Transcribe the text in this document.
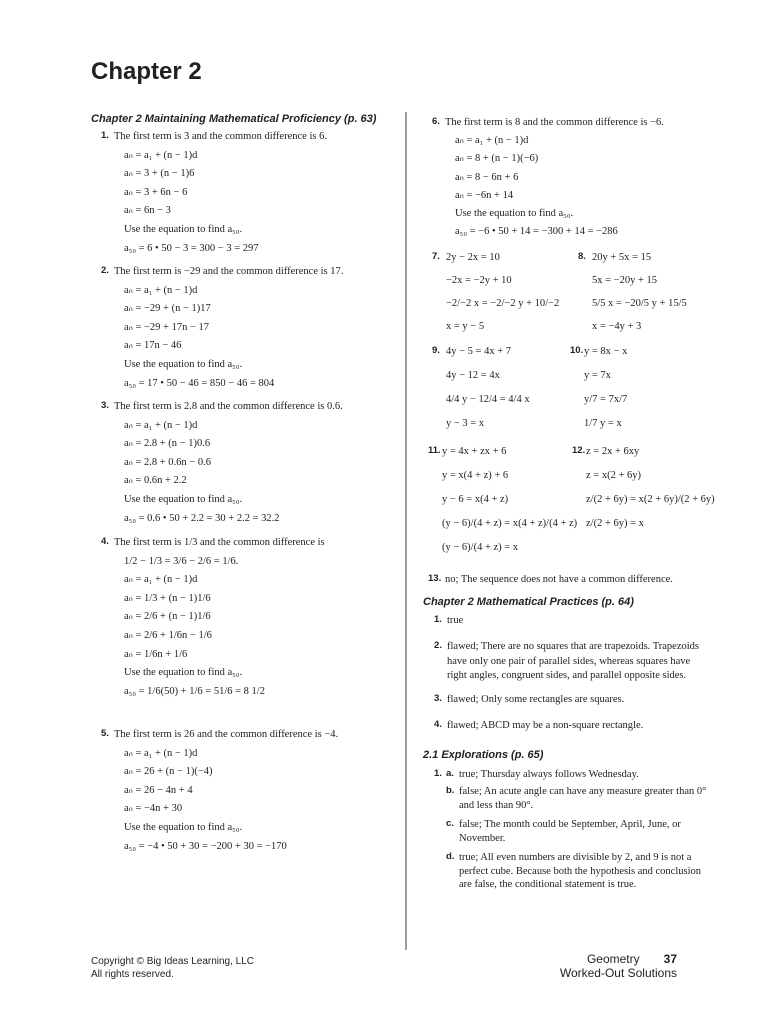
Chapter 2
Chapter 2 Maintaining Mathematical Proficiency (p. 63)
1. The first term is 3 and the common difference is 6.
aₙ = a₁ + (n − 1)d
aₙ = 3 + (n − 1)6
aₙ = 3 + 6n − 6
aₙ = 6n − 3
Use the equation to find a₅₀.
a₅₀ = 6 • 50 − 3 = 300 − 3 = 297
2. The first term is −29 and the common difference is 17.
aₙ = a₁ + (n − 1)d
aₙ = −29 + (n − 1)17
aₙ = −29 + 17n − 17
aₙ = 17n − 46
Use the equation to find a₅₀.
a₅₀ = 17 • 50 − 46 = 850 − 46 = 804
3. The first term is 2.8 and the common difference is 0.6.
aₙ = a₁ + (n − 1)d
aₙ = 2.8 + (n − 1)0.6
aₙ = 2.8 + 0.6n − 0.6
aₙ = 0.6n + 2.2
Use the equation to find a₅₀.
a₅₀ = 0.6 • 50 + 2.2 = 30 + 2.2 = 32.2
4. The first term is 1/3 and the common difference is
1/2 − 1/3 = 3/6 − 2/6 = 1/6.
aₙ = a₁ + (n − 1)d
aₙ = 1/3 + (n − 1)1/6
aₙ = 2/6 + (n − 1)1/6
aₙ = 2/6 + 1/6n − 1/6
aₙ = 1/6n + 1/6
Use the equation to find a₅₀.
a₅₀ = 1/6(50) + 1/6 = 51/6 = 8 1/2
5. The first term is 26 and the common difference is −4.
aₙ = a₁ + (n − 1)d
aₙ = 26 + (n − 1)(−4)
aₙ = 26 − 4n + 4
aₙ = −4n + 30
Use the equation to find a₅₀.
a₅₀ = −4 • 50 + 30 = −200 + 30 = −170
6. The first term is 8 and the common difference is −6.
aₙ = a₁ + (n − 1)d
aₙ = 8 + (n − 1)(−6)
aₙ = 8 − 6n + 6
aₙ = −6n + 14
Use the equation to find a₅₀.
a₅₀ = −6 • 50 + 14 = −300 + 14 = −286
7. 2y − 2x = 10
−2x = −2y + 10
−2/−2 x = −2/−2 y + 10/−2
x = y − 5
8. 20y + 5x = 15
5x = −20y + 15
5/5 x = −20/5 y + 15/5
x = −4y + 3
9. 4y − 5 = 4x + 7
4y − 12 = 4x
4/4 y − 12/4 = 4/4 x
y − 3 = x
10. y = 8x − x
y = 7x
y/7 = 7x/7
1/7 y = x
11. y = 4x + zx + 6
y = x(4 + z) + 6
y − 6 = x(4 + z)
(y − 6)/(4 + z) = x(4 + z)/(4 + z)
(y − 6)/(4 + z) = x
12. z = 2x + 6xy
z = x(2 + 6y)
z/(2 + 6y) = x(2 + 6y)/(2 + 6y)
z/(2 + 6y) = x
13. no; The sequence does not have a common difference.
1. true
2. flawed; There are no squares that are trapezoids. Trapezoids
have only one pair of parallel sides, whereas squares have
right angles, congruent sides, and parallel opposite sides.
3. flawed; Only some rectangles are squares.
4. flawed; ABCD may be a non-square rectangle.
1. a. true; Thursday always follows Wednesday.
b. false; An acute angle can have any measure greater than 0°
and less than 90°.
c. false; The month could be September, April, June, or
November.
d. true; All even numbers are divisible by 2, and 9 is not a
perfect cube. Because both the hypothesis and conclusion
are false, the conditional statement is true.
Chapter 2 Mathematical Practices (p. 64)
2.1 Explorations (p. 65)
Copyright © Big Ideas Learning, LLC
All rights reserved.
Geometry 37
Worked-Out Solutions
